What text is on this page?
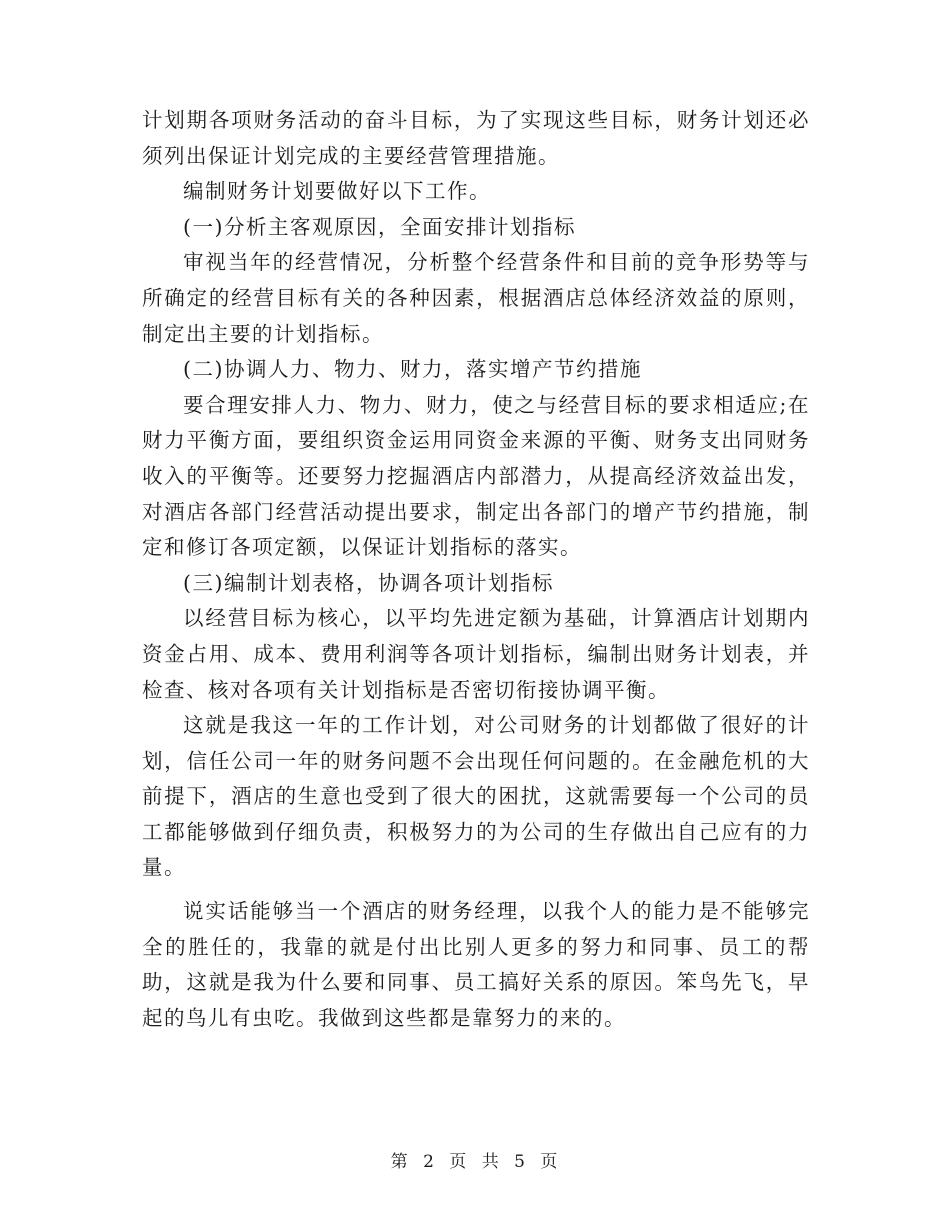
计划期各项财务活动的奋斗目标，为了实现这些目标，财务计划还必须列出保证计划完成的主要经营管理措施。

编制财务计划要做好以下工作。

(一)分析主客观原因，全面安排计划指标

审视当年的经营情况，分析整个经营条件和目前的竞争形势等与所确定的经营目标有关的各种因素，根据酒店总体经济效益的原则，制定出主要的计划指标。

(二)协调人力、物力、财力，落实增产节约措施

要合理安排人力、物力、财力，使之与经营目标的要求相适应;在财力平衡方面，要组织资金运用同资金来源的平衡、财务支出同财务收入的平衡等。还要努力挖掘酒店内部潜力，从提高经济效益出发，对酒店各部门经营活动提出要求，制定出各部门的增产节约措施，制定和修订各项定额，以保证计划指标的落实。

(三)编制计划表格，协调各项计划指标

以经营目标为核心，以平均先进定额为基础，计算酒店计划期内资金占用、成本、费用利润等各项计划指标，编制出财务计划表，并检查、核对各项有关计划指标是否密切衔接协调平衡。

这就是我这一年的工作计划，对公司财务的计划都做了很好的计划，信任公司一年的财务问题不会出现任何问题的。在金融危机的大前提下，酒店的生意也受到了很大的困扰，这就需要每一个公司的员工都能够做到仔细负责，积极努力的为公司的生存做出自己应有的力量。

说实话能够当一个酒店的财务经理，以我个人的能力是不能够完全的胜任的，我靠的就是付出比别人更多的努力和同事、员工的帮助，这就是我为什么要和同事、员工搞好关系的原因。笨鸟先飞，早起的鸟儿有虫吃。我做到这些都是靠努力的来的。

第 2 页 共 5 页
